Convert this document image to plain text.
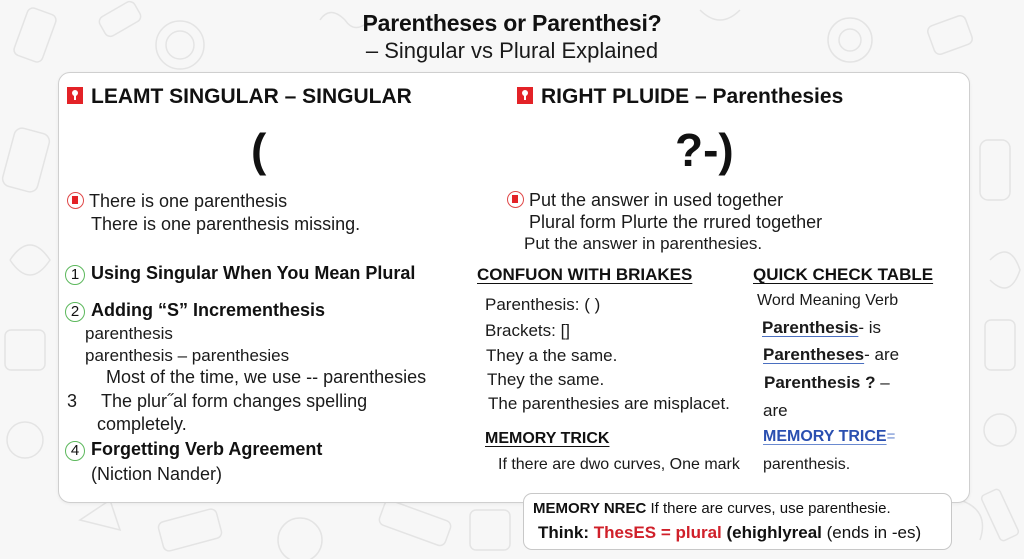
Parentheses or Parenthesi?
– Singular vs Plural Explained
LEAMT SINGULAR – SINGULAR
(
There is one parenthesis
There is one parenthesis missing.
1 Using Singular When You Mean Plural
2 Adding “S” Incrementhesis
parenthesis
parenthesis – parenthesies
Most of the time, we use -- parenthesies
3 The plur˝al form changes spelling
completely.
4 Forgetting Verb Agreement
(Niction Nander)
RIGHT PLUIDE – Parenthesies
?-)
Put the answer in used together
Plural form Plurte the rrured together
Put the answer in parenthesies.
CONFUON WITH BRIAKES
Parenthesis: ( )
Brackets: []
They a the same.
They the same.
The parenthesies are misplacet.
MEMORY TRICK
If there are dwo curves, One mark
QUICK CHECK TABLE
Word Meaning Verb
Parenthesis- is
Parentheses- are
Parenthesis ? –
are
MEMORY TRICE=
parenthesis.
MEMORY NREC If there are curves, use parenthesie.
Think: ThesES = plural (ehighlyreal (ends in -es)
